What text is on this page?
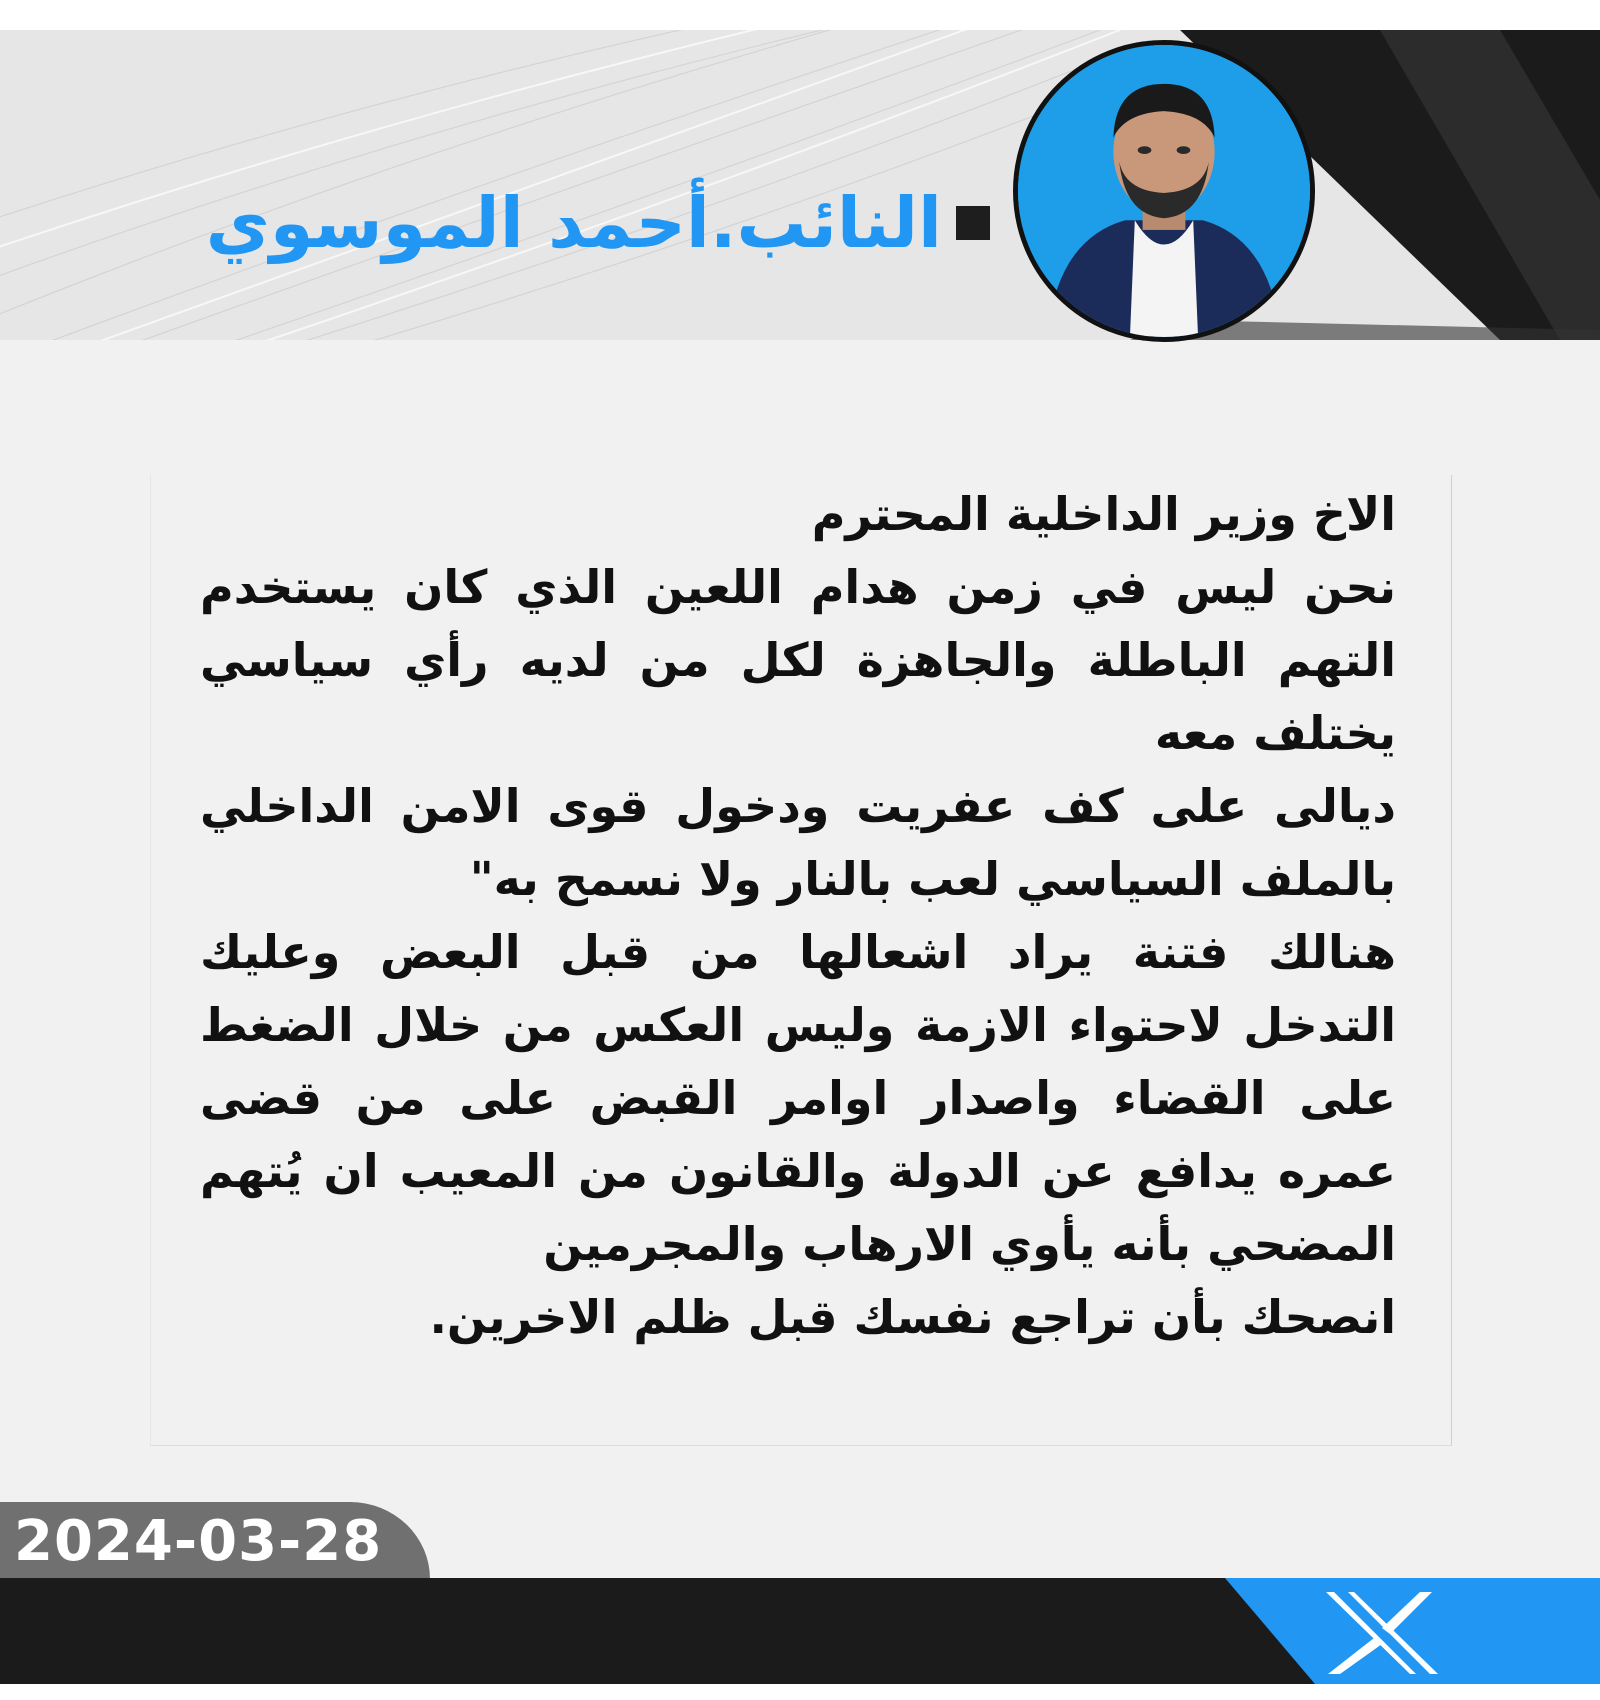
النائب.أحمد الموسوي

الاخ وزير الداخلية المحترم

نحن ليس في زمن هدام اللعين الذي كان يستخدم التهم الباطلة والجاهزة لكل من لديه رأي سياسي يختلف معه

ديالى على كف عفريت ودخول قوى الامن الداخلي بالملف السياسي لعب بالنار ولا نسمح به"

هنالك فتنة يراد اشعالها من قبل البعض وعليك التدخل لاحتواء الازمة وليس العكس من خلال الضغط على القضاء واصدار اوامر القبض على من قضى عمره يدافع عن الدولة والقانون من المعيب ان يُتهم المضحي بأنه يأوي الارهاب والمجرمين

انصحك بأن تراجع نفسك قبل ظلم الاخرين.

2024-03-28
